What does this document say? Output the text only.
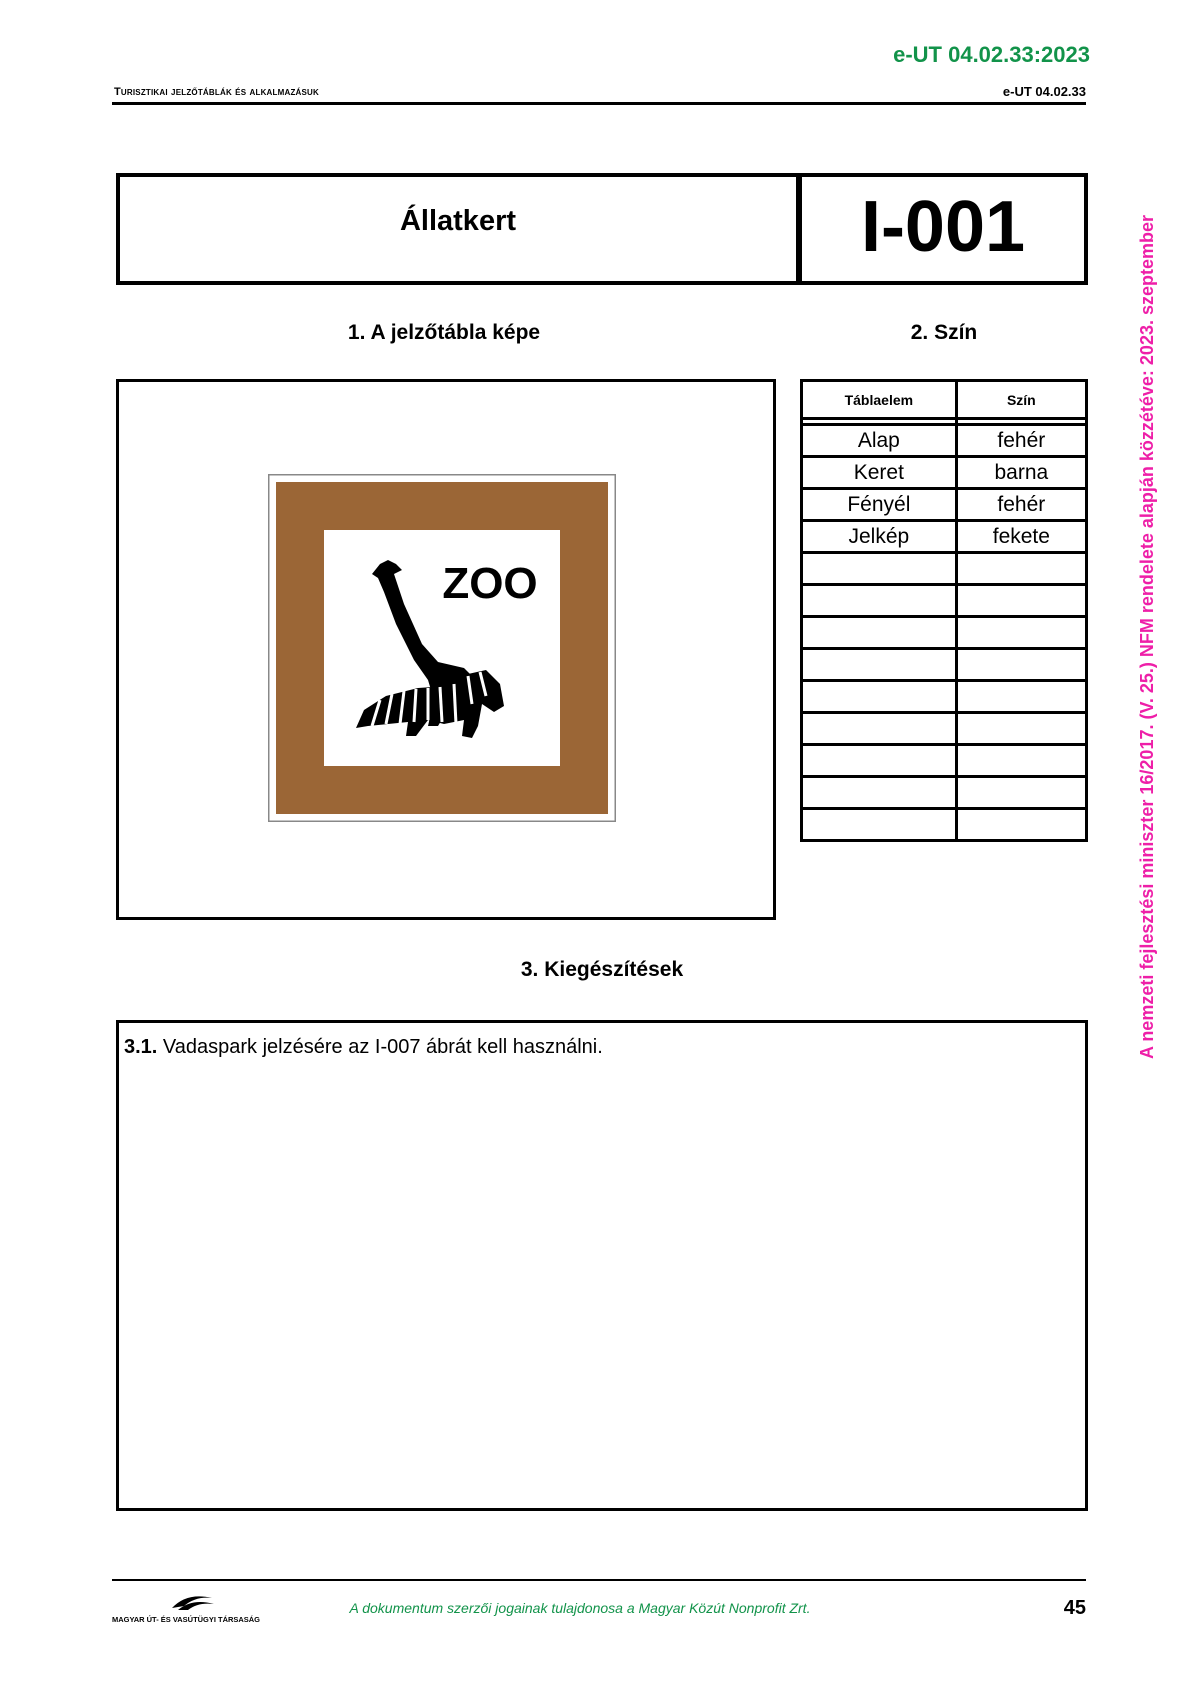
e-UT 04.02.33:2023
Turisztikai jelzőtáblák és alkalmazásuk	e-UT 04.02.33
A nemzeti fejlesztési miniszter 16/2017. (V. 25.) NFM rendelete alapján közzétéve: 2023. szeptember
Állatkert	I-001
1. A jelzőtábla képe	2. Szín
ZOO
Táblaelem	Szín

Alap	fehér
Keret	barna
Fényél	fehér
Jelkép	fekete

3. Kiegészítések
3.1. Vadaspark jelzésére az I-007 ábrát kell használni.
MAGYAR ÚT- ÉS VASÚTÜGYI TÁRSASÁG
A dokumentum szerzői jogainak tulajdonosa a Magyar Közút Nonprofit Zrt.	45
